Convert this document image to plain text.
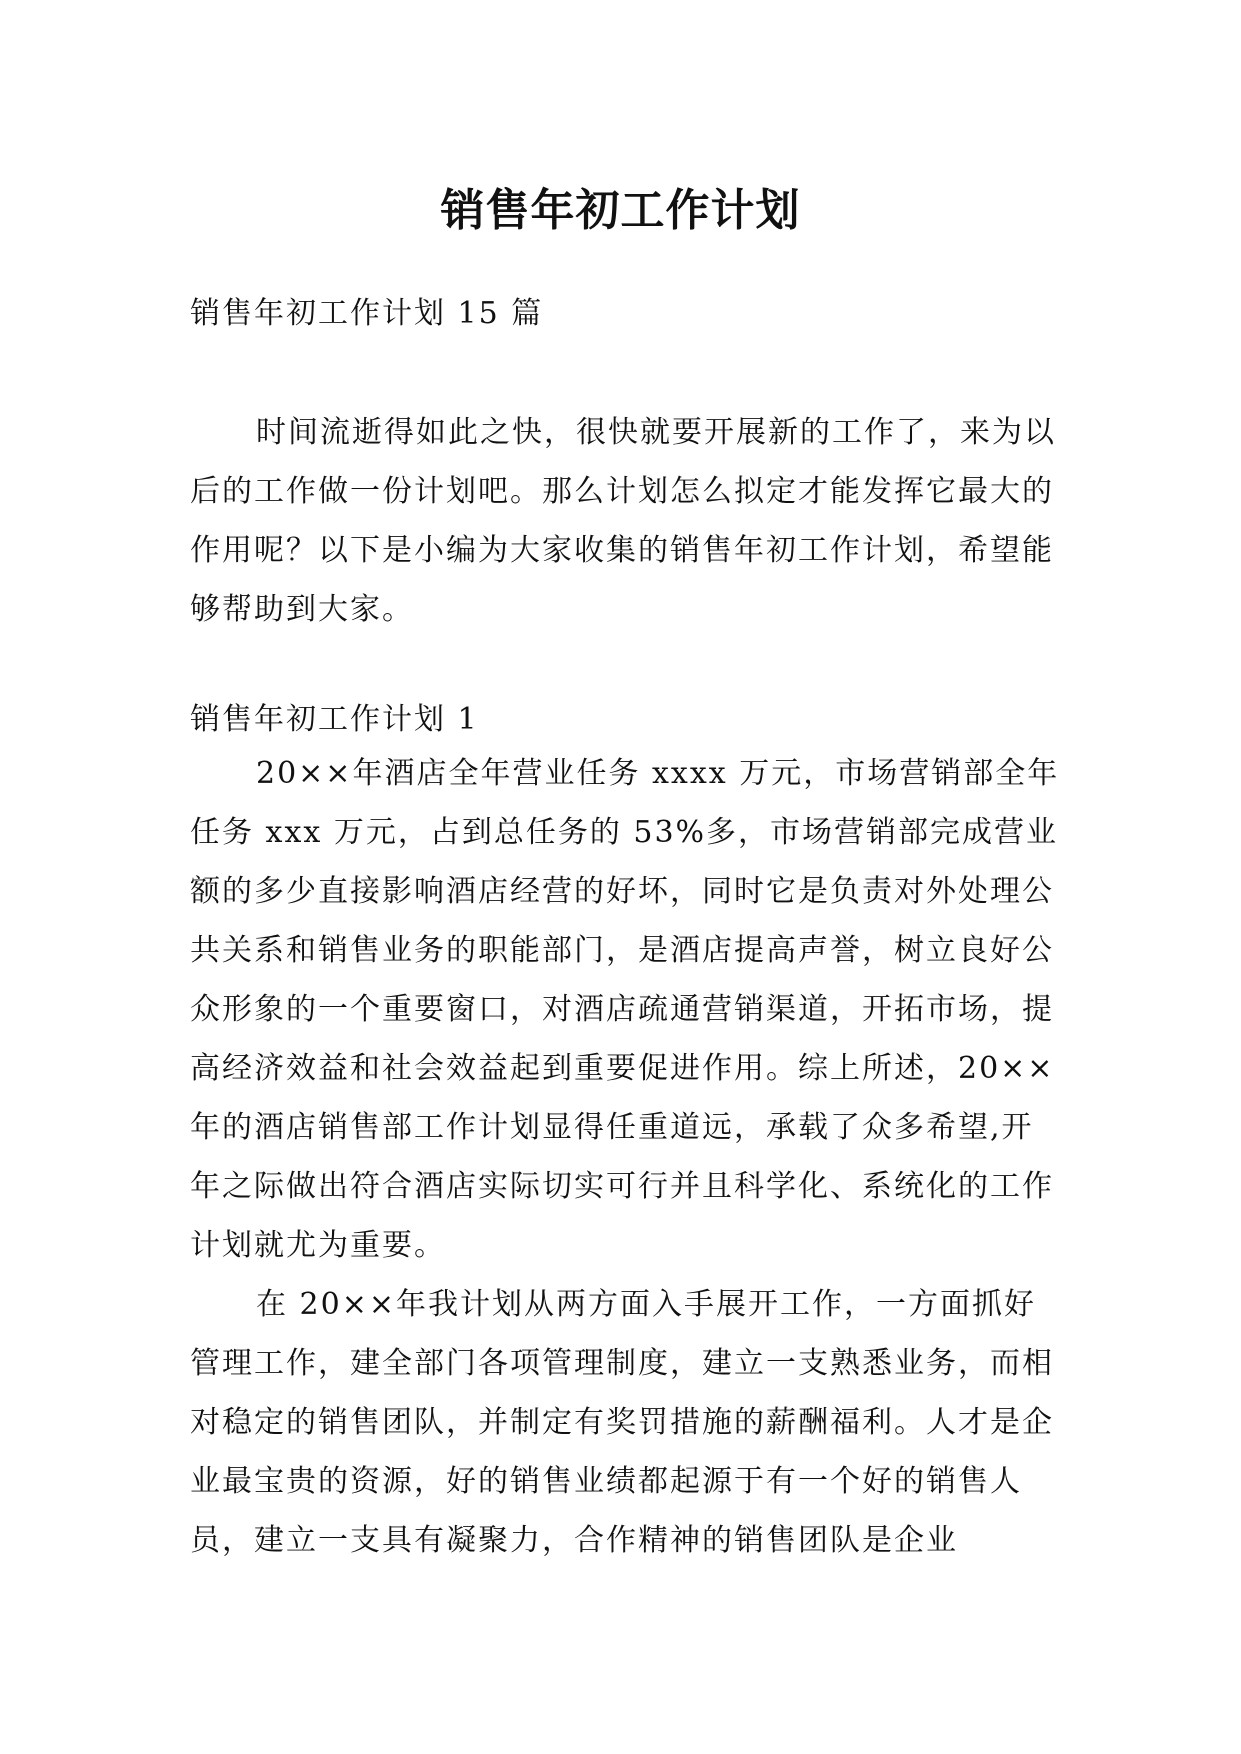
销售年初工作计划

销售年初工作计划 15 篇

时间流逝得如此之快，很快就要开展新的工作了，来为以后的工作做一份计划吧。那么计划怎么拟定才能发挥它最大的作用呢？以下是小编为大家收集的销售年初工作计划，希望能够帮助到大家。

销售年初工作计划 1

20××年酒店全年营业任务 xxxx 万元，市场营销部全年任务 xxx 万元，占到总任务的 53%多，市场营销部完成营业额的多少直接影响酒店经营的好坏，同时它是负责对外处理公共关系和销售业务的职能部门，是酒店提高声誉，树立良好公众形象的一个重要窗口，对酒店疏通营销渠道，开拓市场，提高经济效益和社会效益起到重要促进作用。综上所述，20××年的酒店销售部工作计划显得任重道远，承载了众多希望,开年之际做出符合酒店实际切实可行并且科学化、系统化的工作计划就尤为重要。

在 20××年我计划从两方面入手展开工作，一方面抓好管理工作，建全部门各项管理制度，建立一支熟悉业务，而相对稳定的销售团队，并制定有奖罚措施的薪酬福利。人才是企业最宝贵的资源，好的销售业绩都起源于有一个好的销售人员，建立一支具有凝聚力，合作精神的销售团队是企业
